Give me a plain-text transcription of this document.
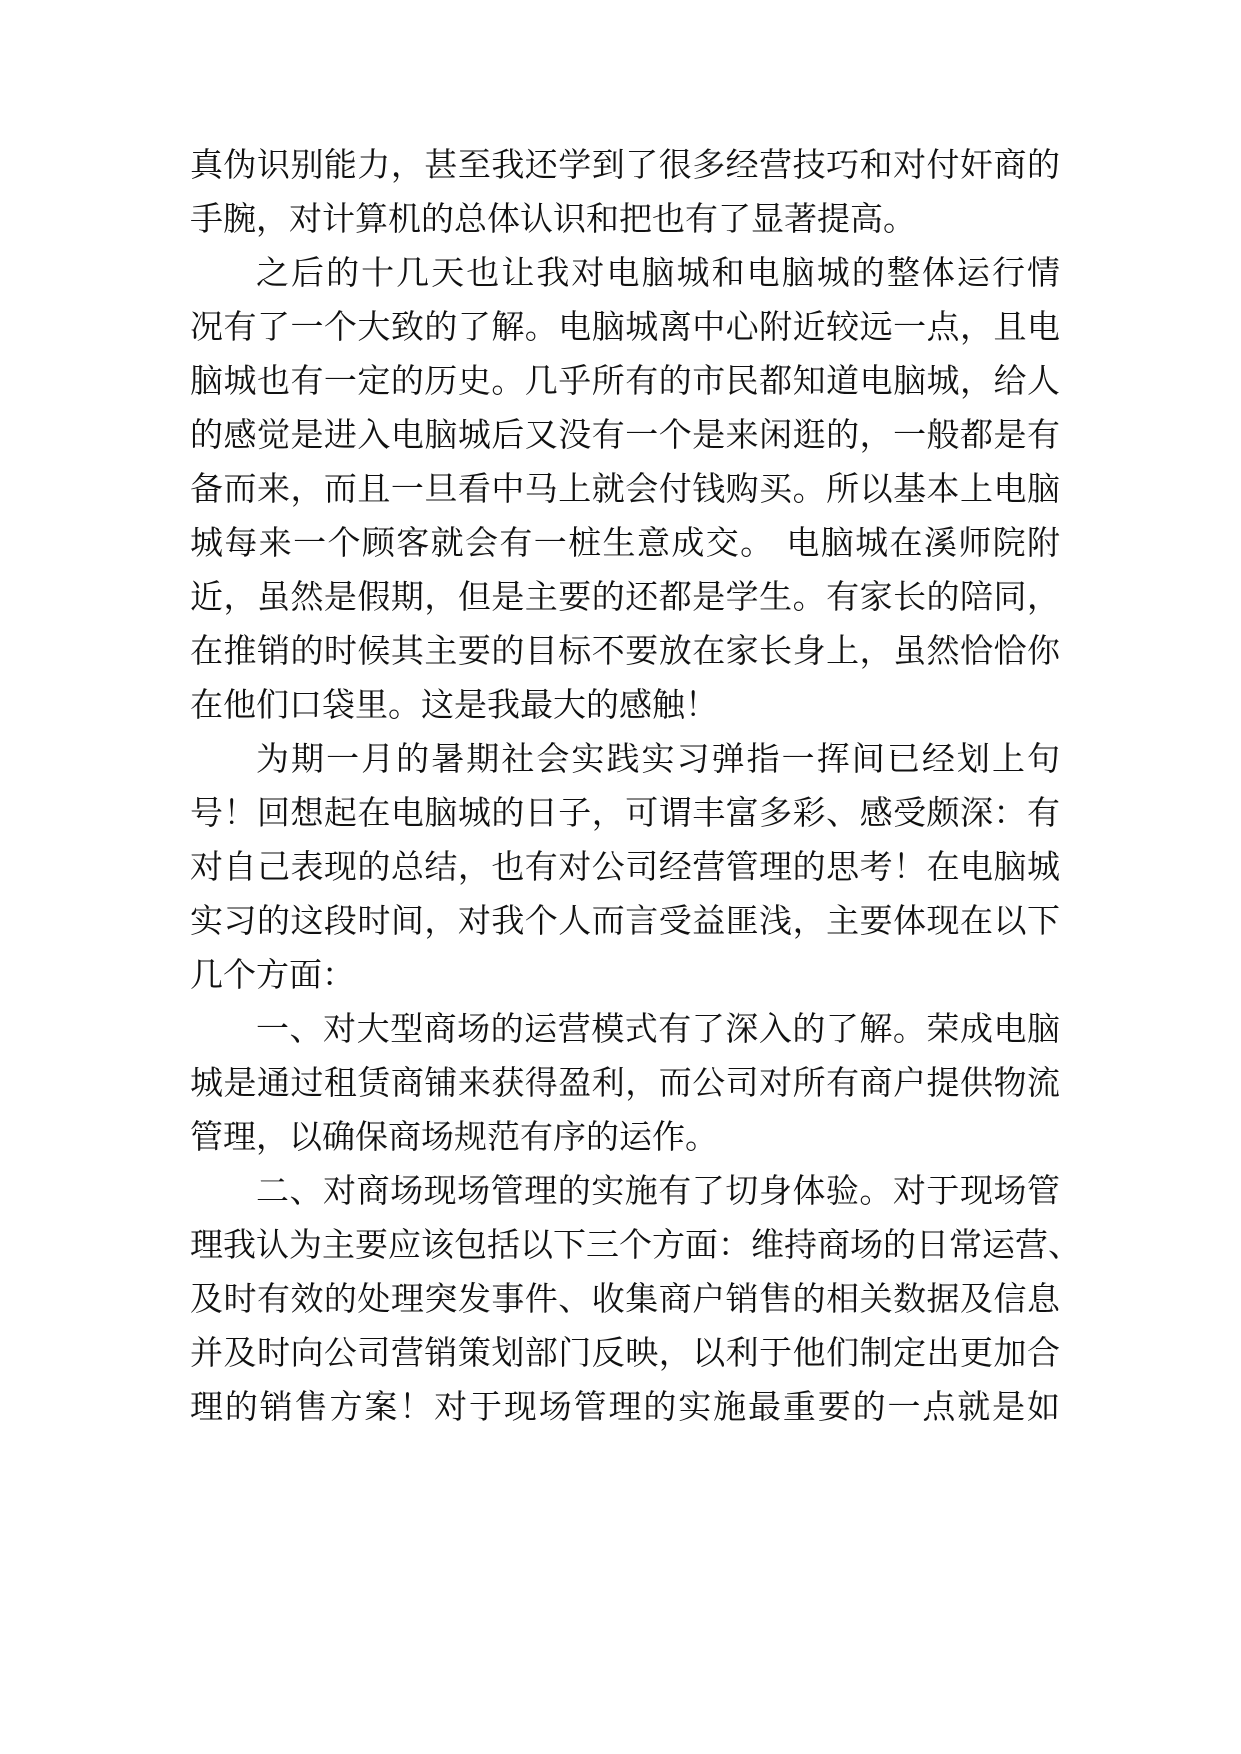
真伪识别能力，甚至我还学到了很多经营技巧和对付奸商的
手腕，对计算机的总体认识和把也有了显著提高。
之后的十几天也让我对电脑城和电脑城的整体运行情
况有了一个大致的了解。电脑城离中心附近较远一点，且电
脑城也有一定的历史。几乎所有的市民都知道电脑城，给人
的感觉是进入电脑城后又没有一个是来闲逛的，一般都是有
备而来，而且一旦看中马上就会付钱购买。所以基本上电脑
城每来一个顾客就会有一桩生意成交。 电脑城在溪师院附
近，虽然是假期，但是主要的还都是学生。有家长的陪同，
在推销的时候其主要的目标不要放在家长身上，虽然恰恰你
在他们口袋里。这是我最大的感触！
为期一月的暑期社会实践实习弹指一挥间已经划上句
号！回想起在电脑城的日子，可谓丰富多彩、感受颇深：有
对自己表现的总结，也有对公司经营管理的思考！在电脑城
实习的这段时间，对我个人而言受益匪浅，主要体现在以下
几个方面：
一、对大型商场的运营模式有了深入的了解。荣成电脑
城是通过租赁商铺来获得盈利，而公司对所有商户提供物流
管理，以确保商场规范有序的运作。
二、对商场现场管理的实施有了切身体验。对于现场管
理我认为主要应该包括以下三个方面：维持商场的日常运营、
及时有效的处理突发事件、收集商户销售的相关数据及信息
并及时向公司营销策划部门反映，以利于他们制定出更加合
理的销售方案！对于现场管理的实施最重要的一点就是如
